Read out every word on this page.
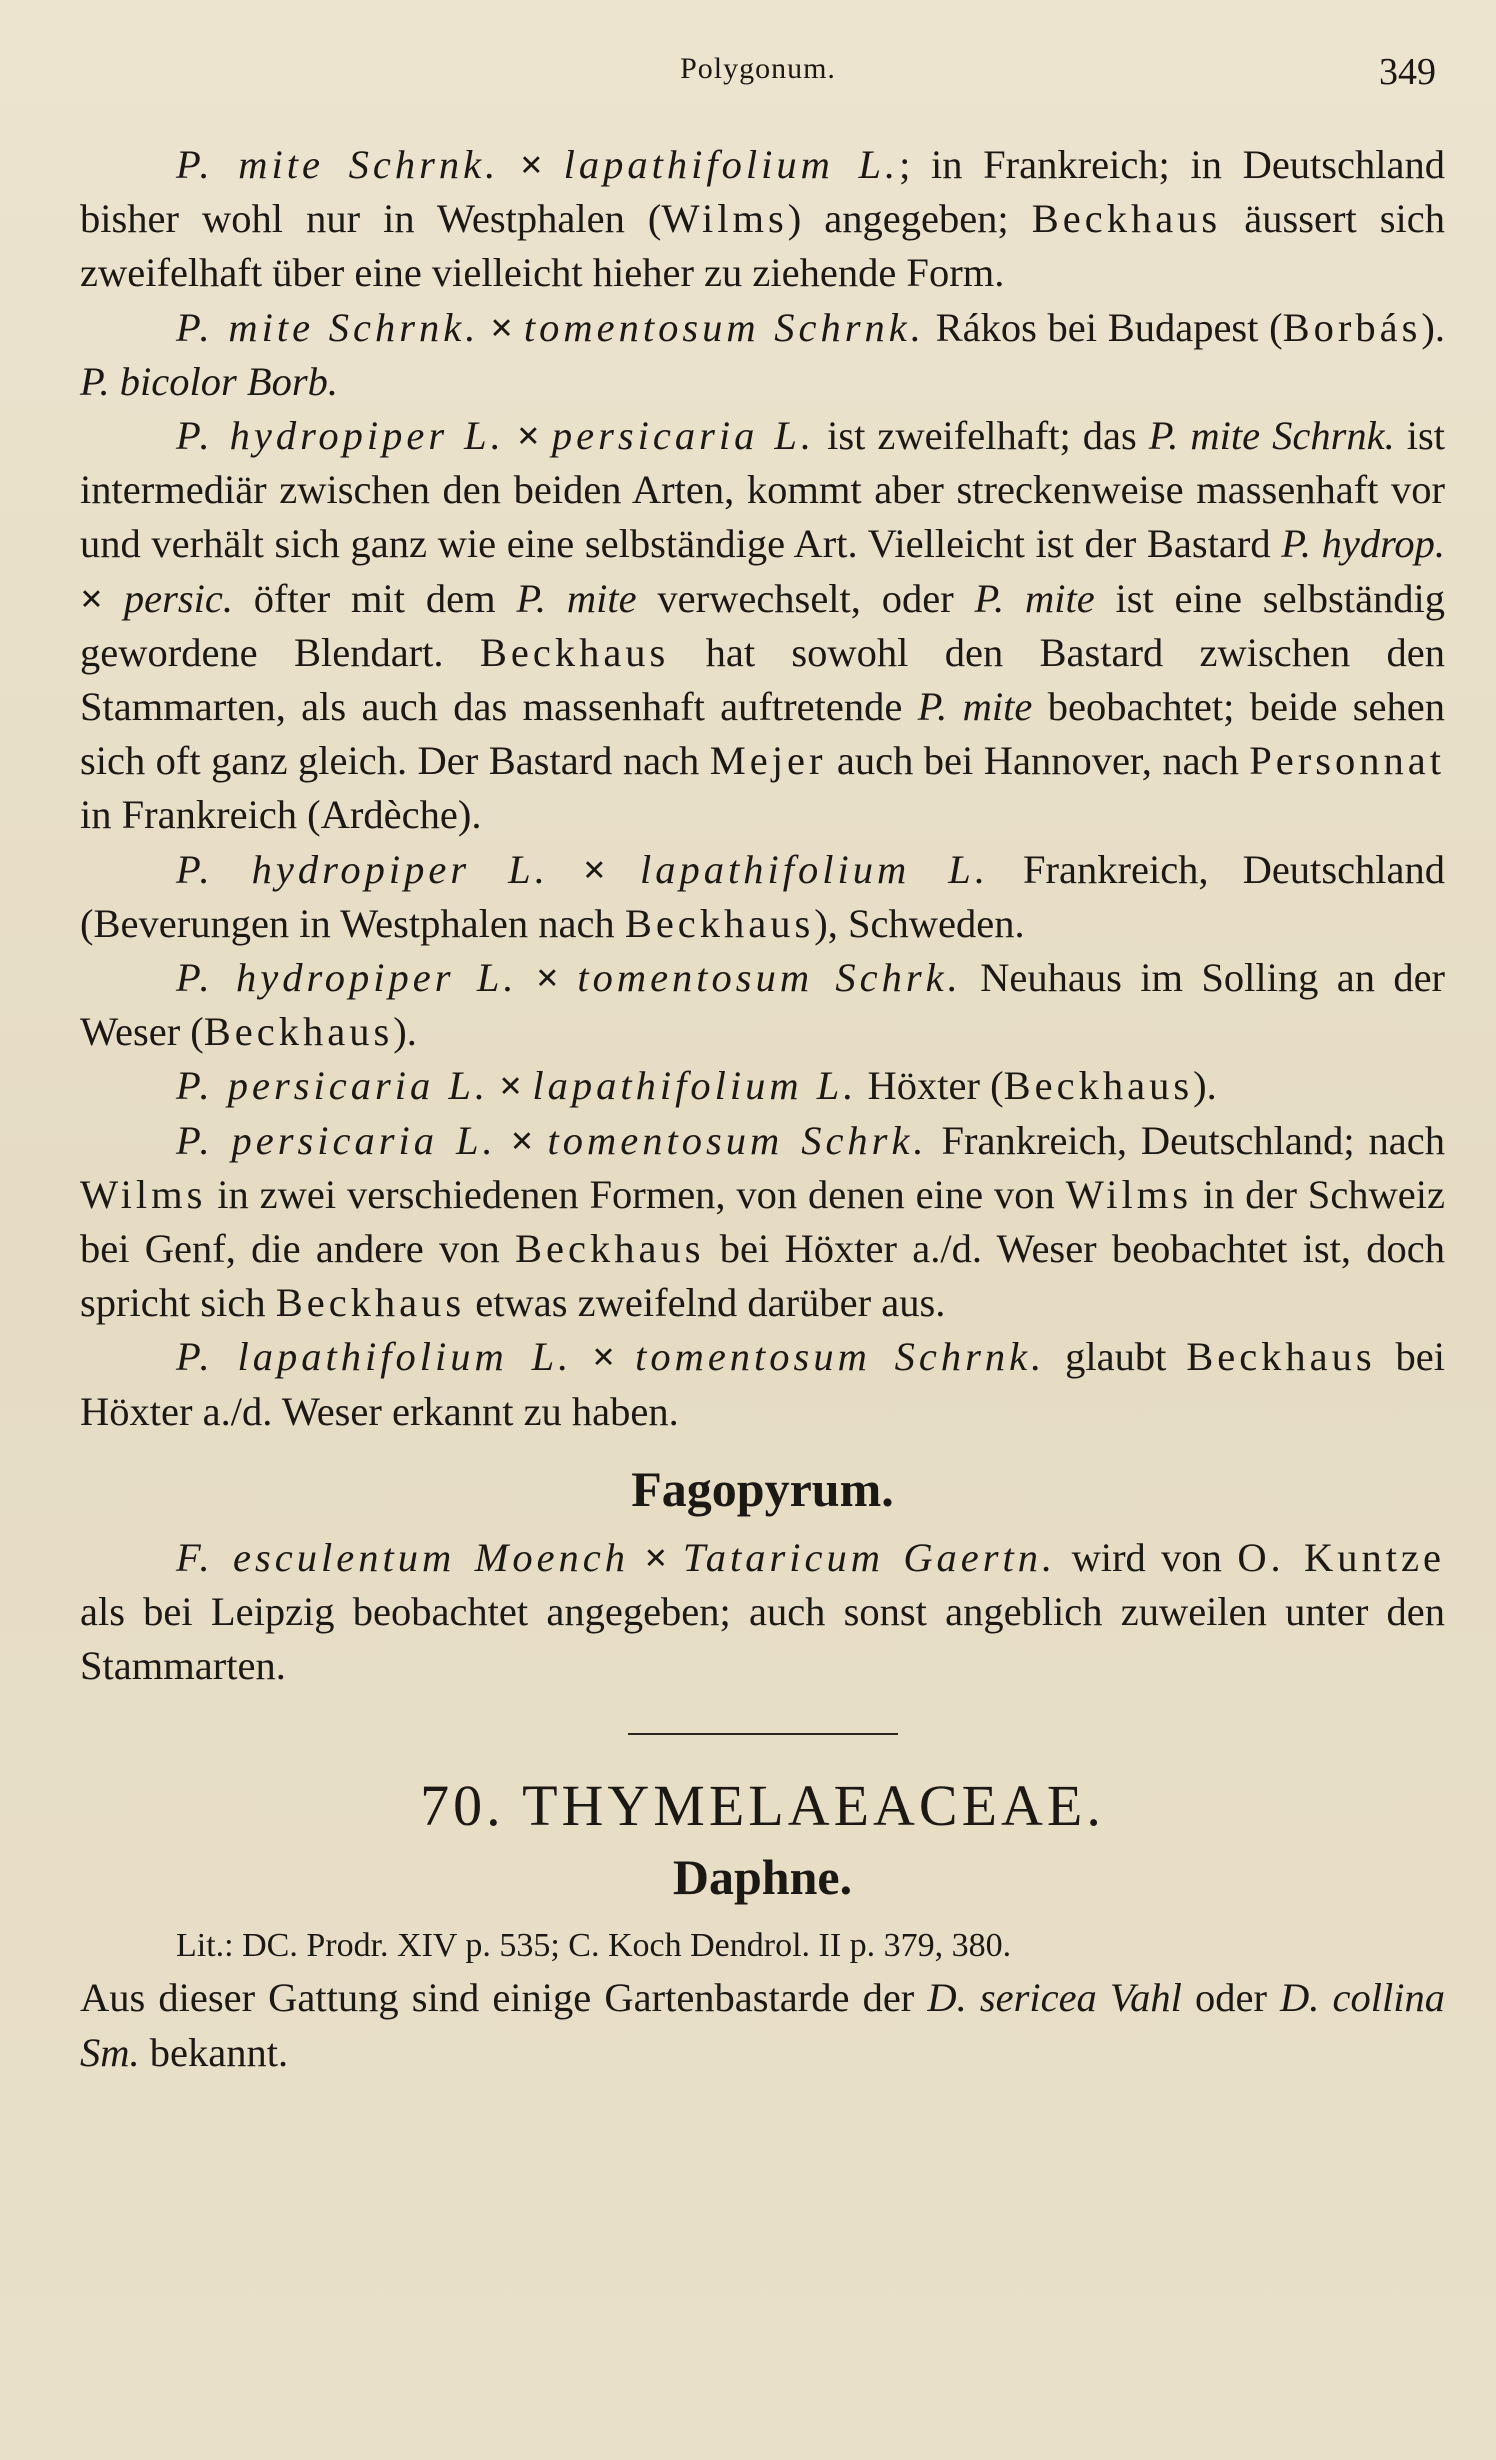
Polygonum.	349

P. mite Schrnk. × lapathifolium L.; in Frankreich; in Deutschland bisher wohl nur in Westphalen (Wilms) angegeben; Beckhaus äussert sich zweifelhaft über eine vielleicht hieher zu ziehende Form.

P. mite Schrnk. × tomentosum Schrnk. Rákos bei Budapest (Borbás). P. bicolor Borb.

P. hydropiper L. × persicaria L. ist zweifelhaft; das P. mite Schrnk. ist intermediär zwischen den beiden Arten, kommt aber streckenweise massenhaft vor und verhält sich ganz wie eine selbständige Art. Vielleicht ist der Bastard P. hydrop. × persic. öfter mit dem P. mite verwechselt, oder P. mite ist eine selbständig gewordene Blendart. Beckhaus hat sowohl den Bastard zwischen den Stammarten, als auch das massenhaft auftretende P. mite beobachtet; beide sehen sich oft ganz gleich. Der Bastard nach Mejer auch bei Hannover, nach Personnat in Frankreich (Ardèche).

P. hydropiper L. × lapathifolium L. Frankreich, Deutschland (Beverungen in Westphalen nach Beckhaus), Schweden.

P. hydropiper L. × tomentosum Schrk. Neuhaus im Solling an der Weser (Beckhaus).

P. persicaria L. × lapathifolium L. Höxter (Beckhaus).

P. persicaria L. × tomentosum Schrk. Frankreich, Deutschland; nach Wilms in zwei verschiedenen Formen, von denen eine von Wilms in der Schweiz bei Genf, die andere von Beckhaus bei Höxter a./d. Weser beobachtet ist, doch spricht sich Beckhaus etwas zweifelnd darüber aus.

P. lapathifolium L. × tomentosum Schrnk. glaubt Beckhaus bei Höxter a./d. Weser erkannt zu haben.

Fagopyrum.

F. esculentum Moench × Tataricum Gaertn. wird von O. Kuntze als bei Leipzig beobachtet angegeben; auch sonst angeblich zuweilen unter den Stammarten.

70. THYMELAEACEAE.
Daphne.

Lit.: DC. Prodr. XIV p. 535; C. Koch Dendrol. II p. 379, 380.

Aus dieser Gattung sind einige Gartenbastarde der D. sericea Vahl oder D. collina Sm. bekannt.
